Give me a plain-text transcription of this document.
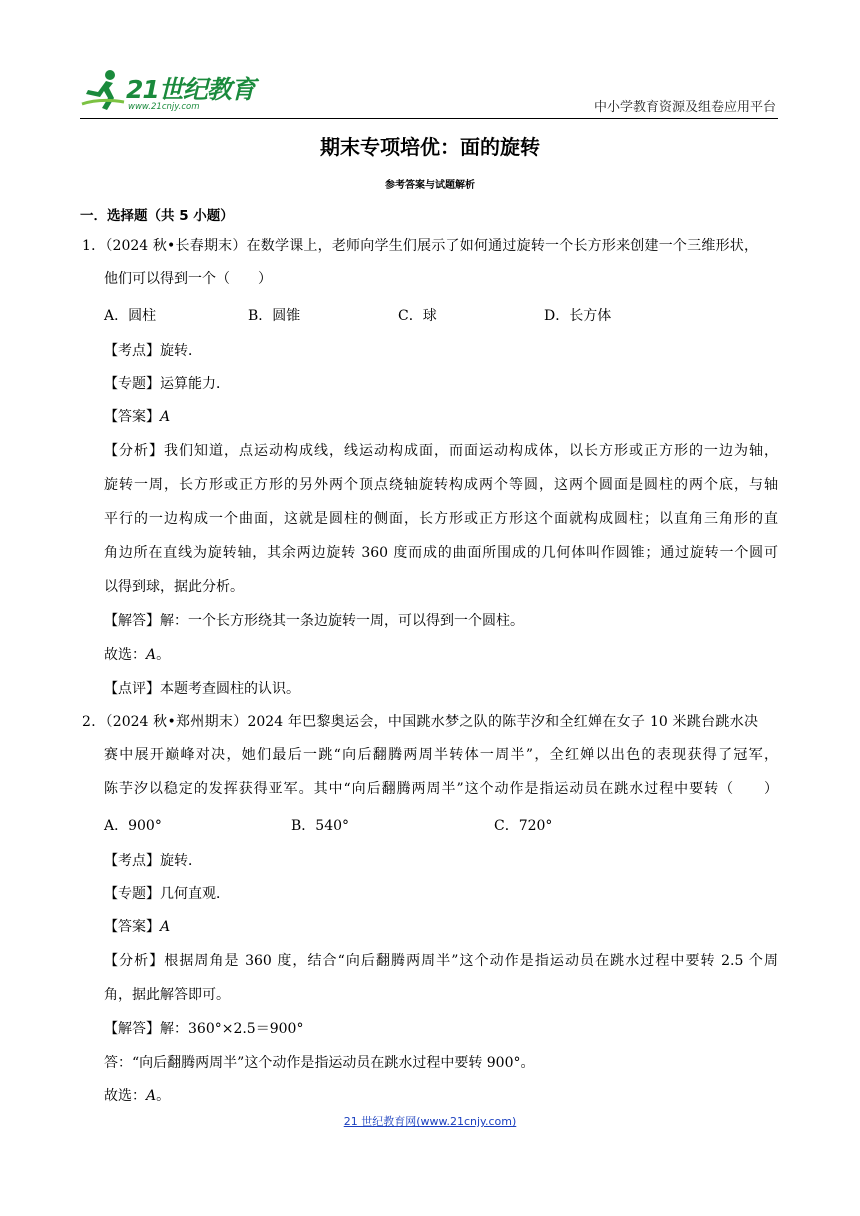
21世纪教育
www.21cnjy.com	中小学教育资源及组卷应用平台
期末专项培优：面的旋转
参考答案与试题解析
一．选择题（共 5 小题）
1．（2024 秋•长春期末）在数学课上，老师向学生们展示了如何通过旋转一个长方形来创建一个三维形状，
他们可以得到一个（　　）
A．圆柱	B．圆锥	C．球	D．长方体
【考点】旋转．
【专题】运算能力．
【答案】A
【分析】我们知道，点运动构成线，线运动构成面，而面运动构成体，以长方形或正方形的一边为轴，
旋转一周，长方形或正方形的另外两个顶点绕轴旋转构成两个等圆，这两个圆面是圆柱的两个底，与轴
平行的一边构成一个曲面，这就是圆柱的侧面，长方形或正方形这个面就构成圆柱；以直角三角形的直
角边所在直线为旋转轴，其余两边旋转 360 度而成的曲面所围成的几何体叫作圆锥；通过旋转一个圆可
以得到球，据此分析。
【解答】解：一个长方形绕其一条边旋转一周，可以得到一个圆柱。
故选：A。
【点评】本题考查圆柱的认识。
2．（2024 秋•郑州期末）2024 年巴黎奥运会，中国跳水梦之队的陈芋汐和全红婵在女子 10 米跳台跳水决
赛中展开巅峰对决，她们最后一跳“向后翻腾两周半转体一周半”，全红婵以出色的表现获得了冠军，
陈芋汐以稳定的发挥获得亚军。其中“向后翻腾两周半”这个动作是指运动员在跳水过程中要转（　　）
A．900°	B．540°	C．720°
【考点】旋转．
【专题】几何直观．
【答案】A
【分析】根据周角是 360 度，结合“向后翻腾两周半”这个动作是指运动员在跳水过程中要转 2.5 个周
角，据此解答即可。
【解答】解：360°×2.5＝900°
答：“向后翻腾两周半”这个动作是指运动员在跳水过程中要转 900°。
故选：A。
21 世纪教育网(www.21cnjy.com)
